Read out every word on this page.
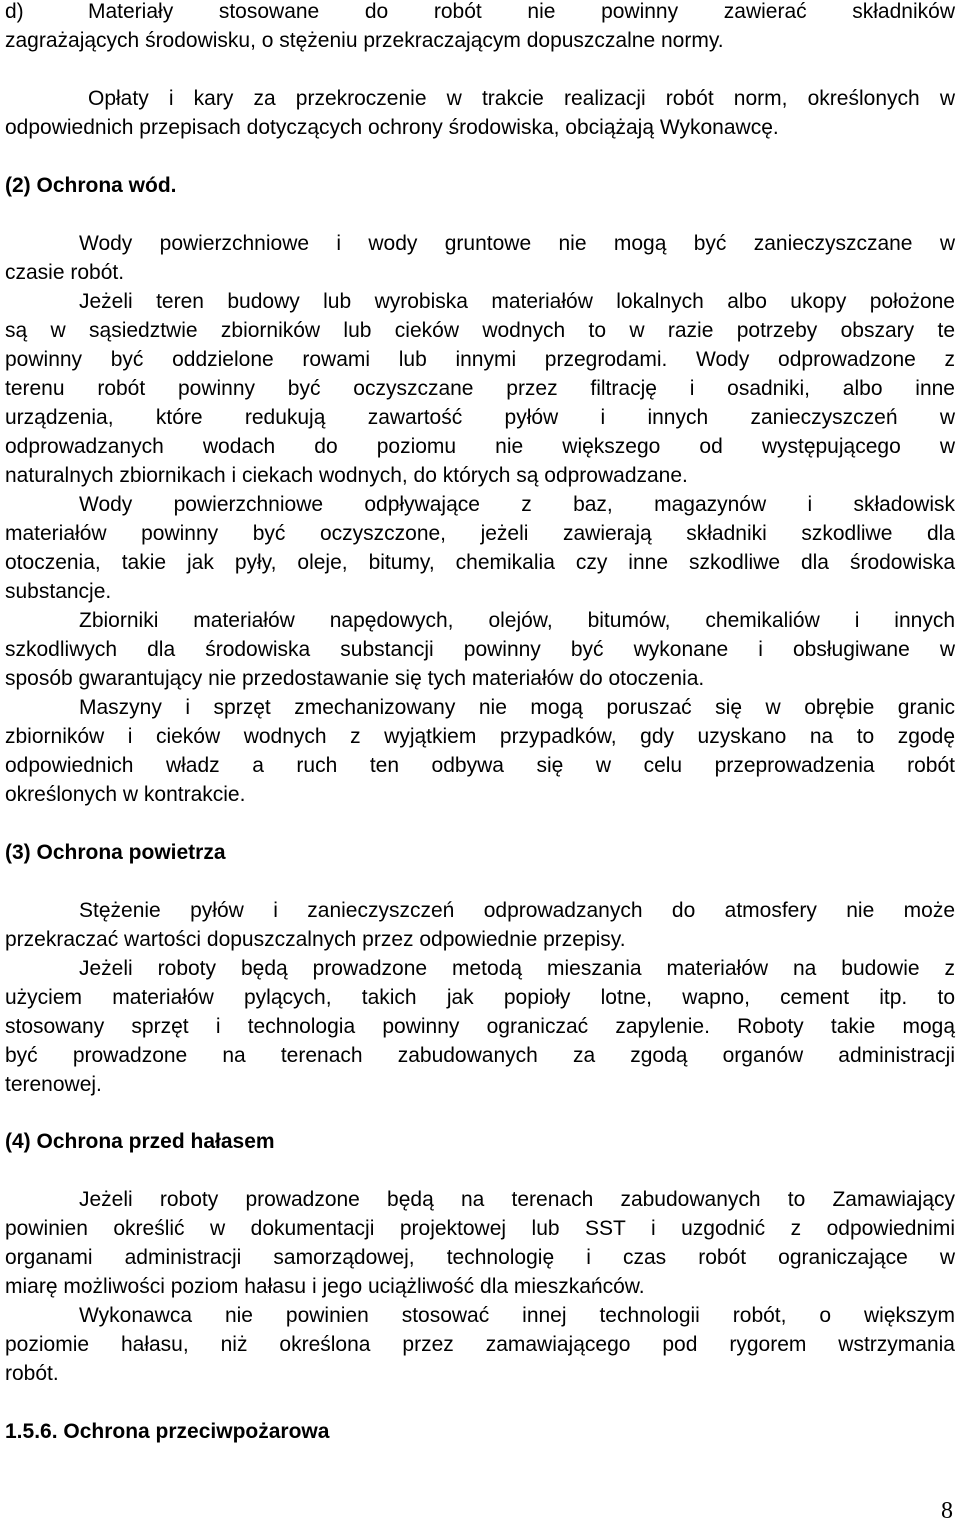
d)	Materiały stosowane do robót nie powinny zawierać składników
zagrażających środowisku, o stężeniu przekraczającym dopuszczalne normy.
Opłaty i kary za przekroczenie w trakcie realizacji robót norm, określonych w
odpowiednich przepisach dotyczących ochrony środowiska, obciążają Wykonawcę.
(2) Ochrona wód.
Wody powierzchniowe i wody gruntowe nie mogą być zanieczyszczane w
czasie robót.
Jeżeli teren budowy lub wyrobiska materiałów lokalnych albo ukopy położone
są w sąsiedztwie zbiorników lub cieków wodnych to w razie potrzeby obszary te
powinny być oddzielone rowami lub innymi przegrodami. Wody odprowadzone z
terenu robót powinny być oczyszczane przez filtrację i osadniki, albo inne
urządzenia, które redukują zawartość pyłów i innych zanieczyszczeń w
odprowadzanych wodach do poziomu nie większego od występującego w
naturalnych zbiornikach i ciekach wodnych, do których są odprowadzane.
Wody powierzchniowe odpływające z baz, magazynów i składowisk
materiałów powinny być oczyszczone, jeżeli zawierają składniki szkodliwe dla
otoczenia, takie jak pyły, oleje, bitumy, chemikalia czy inne szkodliwe dla środowiska
substancje.
Zbiorniki materiałów napędowych, olejów, bitumów, chemikaliów i innych
szkodliwych dla środowiska substancji powinny być wykonane i obsługiwane w
sposób gwarantujący nie przedostawanie się tych materiałów do otoczenia.
Maszyny i sprzęt zmechanizowany nie mogą poruszać się w obrębie granic
zbiorników i cieków wodnych z wyjątkiem przypadków, gdy uzyskano na to zgodę
odpowiednich władz a ruch ten odbywa się w celu przeprowadzenia robót
określonych w kontrakcie.
(3) Ochrona powietrza
Stężenie pyłów i zanieczyszczeń odprowadzanych do atmosfery nie może
przekraczać wartości dopuszczalnych przez odpowiednie przepisy.
Jeżeli roboty będą prowadzone metodą mieszania materiałów na budowie z
użyciem materiałów pylących, takich jak popioły lotne, wapno, cement itp. to
stosowany sprzęt i technologia powinny ograniczać zapylenie. Roboty takie mogą
być prowadzone na terenach zabudowanych za zgodą organów administracji
terenowej.
(4) Ochrona przed hałasem
Jeżeli roboty prowadzone będą na terenach zabudowanych to Zamawiający
powinien określić w dokumentacji projektowej lub SST i uzgodnić z odpowiednimi
organami administracji samorządowej, technologię i czas robót ograniczające w
miarę możliwości poziom hałasu i jego uciążliwość dla mieszkańców.
Wykonawca nie powinien stosować innej technologii robót, o większym
poziomie hałasu, niż określona przez zamawiającego pod rygorem wstrzymania
robót.
1.5.6. Ochrona przeciwpożarowa
8
